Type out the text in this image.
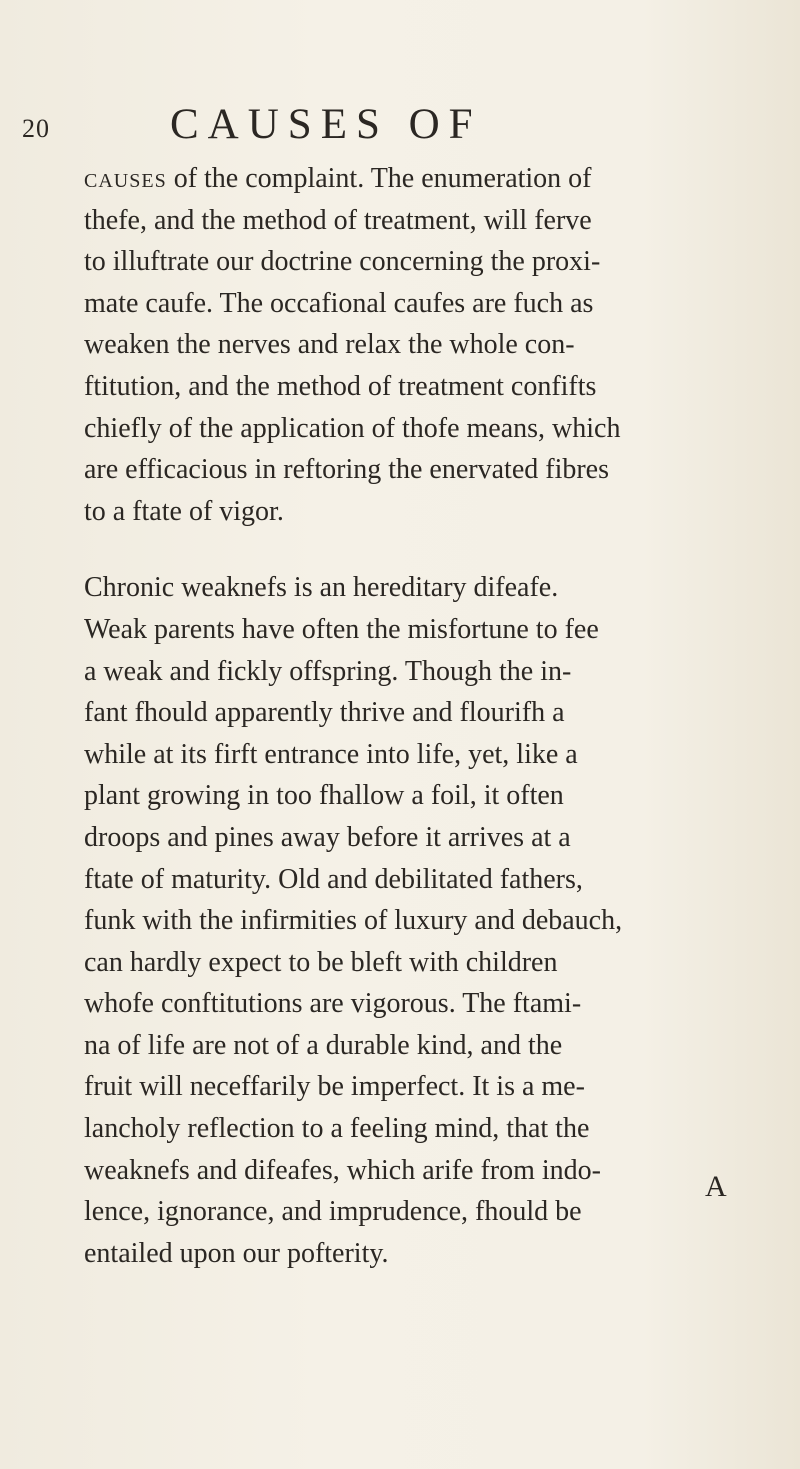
20	CAUSES OF
causes of the complaint. The enumeration of
thefe, and the method of treatment, will ferve
to illuftrate our doctrine concerning the proxi-
mate caufe. The occafional caufes are fuch as
weaken the nerves and relax the whole con-
ftitution, and the method of treatment confifts
chiefly of the application of thofe means, which
are efficacious in reftoring the enervated fibres
to a ftate of vigor.
Chronic weaknefs is an hereditary difeafe.
Weak parents have often the misfortune to fee
a weak and fickly offspring. Though the in-
fant fhould apparently thrive and flourifh a
while at its firft entrance into life, yet, like a
plant growing in too fhallow a foil, it often
droops and pines away before it arrives at a
ftate of maturity. Old and debilitated fathers,
funk with the infirmities of luxury and debauch,
can hardly expect to be bleft with children
whofe conftitutions are vigorous. The ftami-
na of life are not of a durable kind, and the
fruit will neceffarily be imperfect. It is a me-
lancholy reflection to a feeling mind, that the
weaknefs and difeafes, which arife from indo-
lence, ignorance, and imprudence, fhould be
entailed upon our pofterity.
A
